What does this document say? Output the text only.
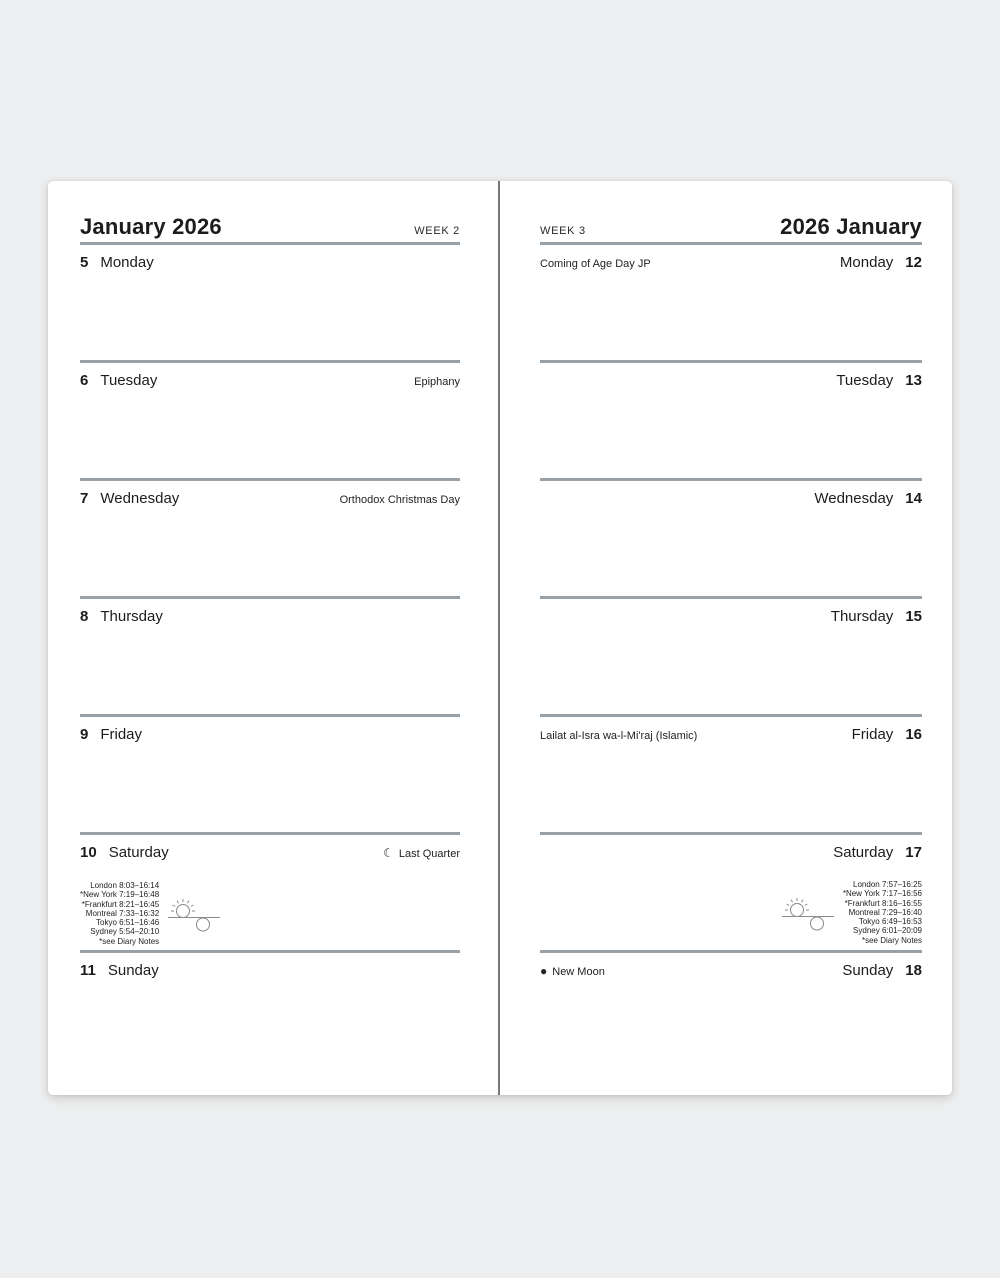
January 2026	WEEK 2
5 Monday
6 Tuesday	Epiphany
7 Wednesday	Orthodox Christmas Day
8 Thursday
9 Friday
10 Saturday	☾ Last Quarter
London 8:03–16:14
*New York 7:19–16:48
*Frankfurt 8:21–16:45
Montreal 7:33–16:32
Tokyo 6:51–16:46
Sydney 5:54–20:10
*see Diary Notes
11 Sunday
WEEK 3	2026 January
Coming of Age Day JP	Monday 12
Tuesday 13
Wednesday 14
Thursday 15
Lailat al-Isra wa-l-Mi'raj (Islamic)	Friday 16
Saturday 17
London 7:57–16:25
*New York 7:17–16:56
*Frankfurt 8:16–16:55
Montreal 7:29–16:40
Tokyo 6:49–16:53
Sydney 6:01–20:09
*see Diary Notes
● New Moon	Sunday 18
